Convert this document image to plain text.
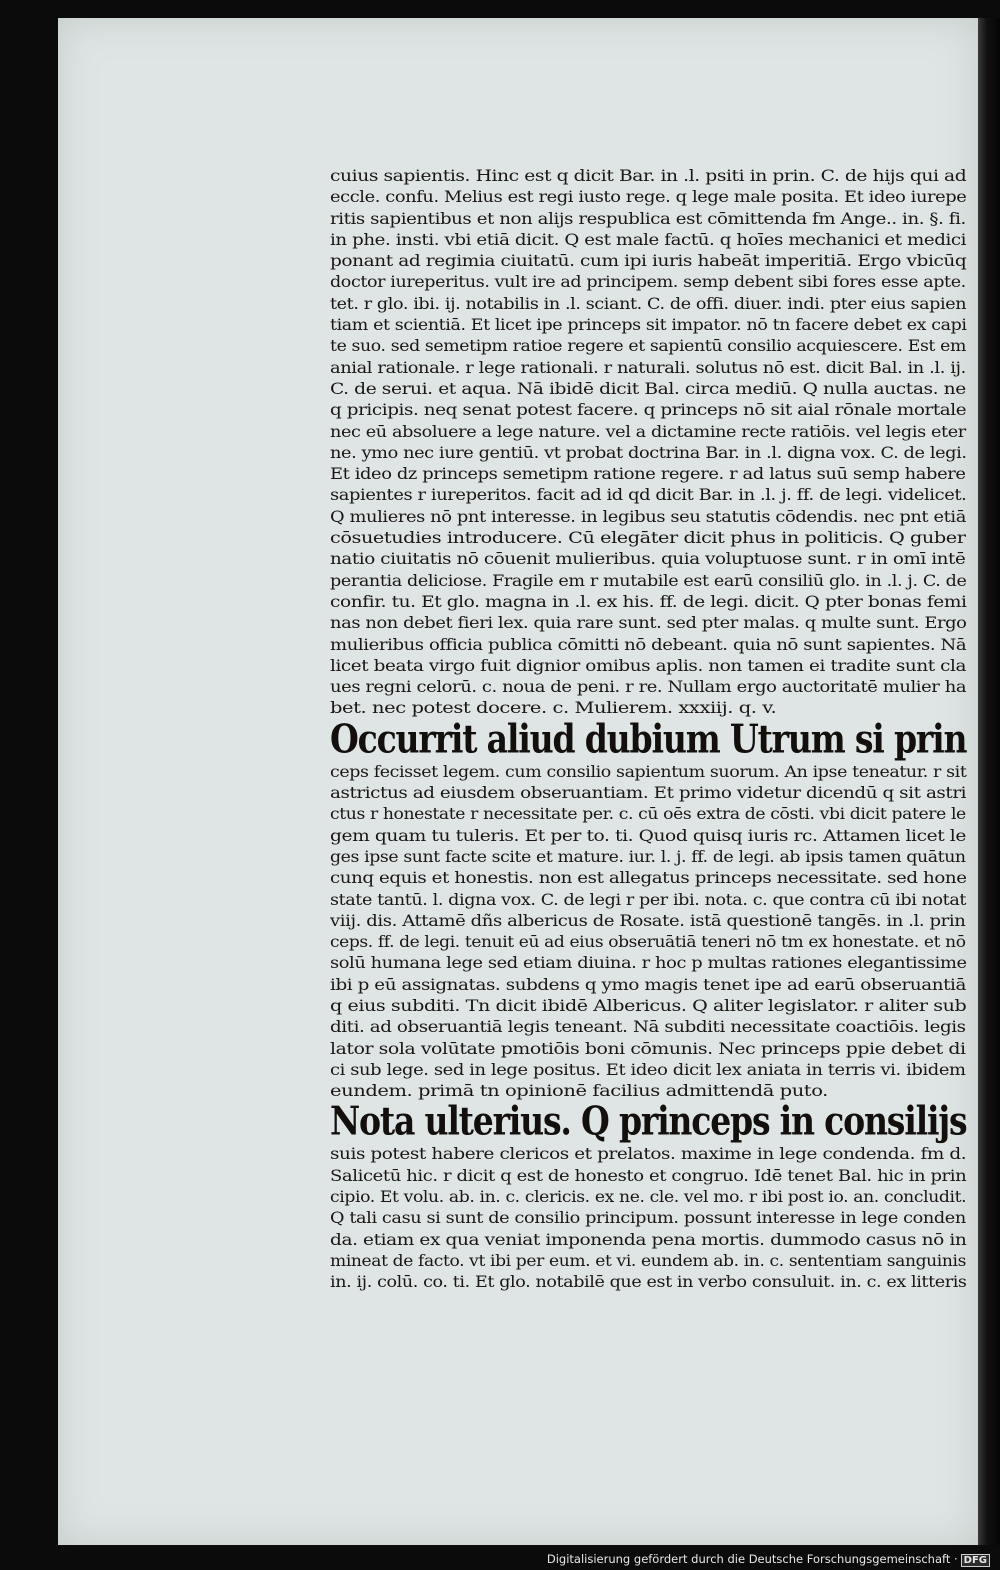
cuius sapientis. Hinc est q dicit Bar. in .l. psiti in prin. C. de hijs qui ad
eccle. confu. Melius est regi iusto rege. q lege male posita. Et ideo iurepe
ritis sapientibus et non alijs respublica est cōmittenda fm Ange.. in. §. fi.
in phe. insti. vbi etiā dicit. Q est male factū. q hoīes mechanici et medici
ponant ad regimia ciuitatū. cum ipi iuris habeāt imperitiā. Ergo vbicūq
doctor iureperitus. vult ire ad principem. semp debent sibi fores esse apte.
tet. r glo. ibi. ij. notabilis in .l. sciant. C. de offi. diuer. indi. pter eius sapien
tiam et scientiā. Et licet ipe princeps sit impator. nō tn facere debet ex capi
te suo. sed semetipm ratioe regere et sapientū consilio acquiescere. Est em
anial rationale. r lege rationali. r naturali. solutus nō est. dicit Bal. in .l. ij.
C. de serui. et aqua. Nā ibidē dicit Bal. circa mediū. Q nulla auctas. ne
q pricipis. neq senat potest facere. q princeps nō sit aial rōnale mortale
nec eū absoluere a lege nature. vel a dictamine recte ratiōis. vel legis eter
ne. ymo nec iure gentiū. vt probat doctrina Bar. in .l. digna vox. C. de legi.
Et ideo dz princeps semetipm ratione regere. r ad latus suū semp habere
sapientes r iureperitos. facit ad id qd dicit Bar. in .l. j. ff. de legi. videlicet.
Q mulieres nō pnt interesse. in legibus seu statutis cōdendis. nec pnt etiā
cōsuetudies introducere. Cū elegāter dicit phus in politicis. Q guber
natio ciuitatis nō cōuenit mulieribus. quia voluptuose sunt. r in omī intē
perantia deliciose. Fragile em r mutabile est earū consiliū glo. in .l. j. C. de
confir. tu. Et glo. magna in .l. ex his. ff. de legi. dicit. Q pter bonas femi
nas non debet fieri lex. quia rare sunt. sed pter malas. q multe sunt. Ergo
mulieribus officia publica cōmitti nō debeant. quia nō sunt sapientes. Nā
licet beata virgo fuit dignior omibus aplis. non tamen ei tradite sunt cla
ues regni celorū. c. noua de peni. r re. Nullam ergo auctoritatē mulier ha
bet. nec potest docere. c. Mulierem. xxxiij. q. v.
Occurrit aliud dubium Utrum si prin
ceps fecisset legem. cum consilio sapientum suorum. An ipse teneatur. r sit
astrictus ad eiusdem obseruantiam. Et primo videtur dicendū q sit astri
ctus r honestate r necessitate per. c. cū oēs extra de cōsti. vbi dicit patere le
gem quam tu tuleris. Et per to. ti. Quod quisq iuris rc. Attamen licet le
ges ipse sunt facte scite et mature. iur. l. j. ff. de legi. ab ipsis tamen quātun
cunq equis et honestis. non est allegatus princeps necessitate. sed hone
state tantū. l. digna vox. C. de legi r per ibi. nota. c. que contra cū ibi notat
viij. dis. Attamē dñs albericus de Rosate. istā questionē tangēs. in .l. prin
ceps. ff. de legi. tenuit eū ad eius obseruātiā teneri nō tm ex honestate. et nō
solū humana lege sed etiam diuina. r hoc p multas rationes elegantissime
ibi p eū assignatas. subdens q ymo magis tenet ipe ad earū obseruantiā
q eius subditi. Tn dicit ibidē Albericus. Q aliter legislator. r aliter sub
diti. ad obseruantiā legis teneant. Nā subditi necessitate coactiōis. legis
lator sola volūtate pmotiōis boni cōmunis. Nec princeps ppie debet di
ci sub lege. sed in lege positus. Et ideo dicit lex aniata in terris vi. ibidem
eundem. primā tn opinionē facilius admittendā puto.
Nota ulterius. Q princeps in consilijs
suis potest habere clericos et prelatos. maxime in lege condenda. fm d.
Salicetū hic. r dicit q est de honesto et congruo. Idē tenet Bal. hic in prin
cipio. Et volu. ab. in. c. clericis. ex ne. cle. vel mo. r ibi post io. an. concludit.
Q tali casu si sunt de consilio principum. possunt interesse in lege conden
da. etiam ex qua veniat imponenda pena mortis. dummodo casus nō in
mineat de facto. vt ibi per eum. et vi. eundem ab. in. c. sententiam sanguinis
in. ij. colū. co. ti. Et glo. notabilē que est in verbo consuluit. in. c. ex litteris
Digitalisierung gefördert durch die Deutsche Forschungsgemeinschaft · DFG
